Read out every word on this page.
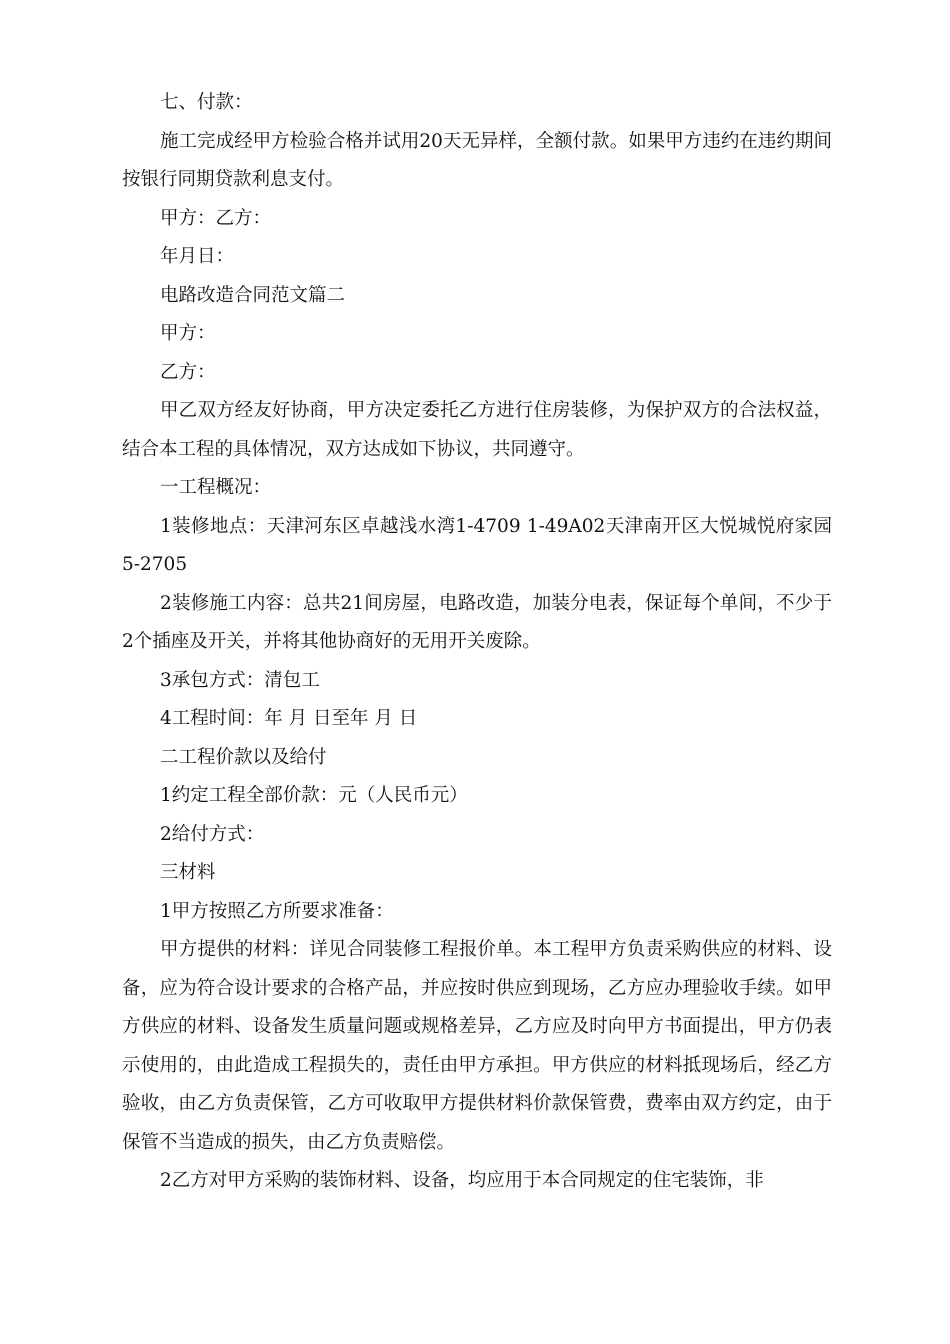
七、付款：

施工完成经甲方检验合格并试用20天无异样，全额付款。如果甲方违约在违约期间按银行同期贷款利息支付。

甲方：乙方：

年月日：

电路改造合同范文篇二

甲方：

乙方：

甲乙双方经友好协商，甲方决定委托乙方进行住房装修，为保护双方的合法权益，结合本工程的具体情况，双方达成如下协议，共同遵守。

一工程概况：

1装修地点：天津河东区卓越浅水湾1-4709 1-49A02天津南开区大悦城悦府家园5-2705

2装修施工内容：总共21间房屋，电路改造，加装分电表，保证每个单间，不少于2个插座及开关，并将其他协商好的无用开关废除。

3承包方式：清包工

4工程时间：年 月 日至年 月 日

二工程价款以及给付

1约定工程全部价款：元（人民币元）

2给付方式：

三材料

1甲方按照乙方所要求准备：

甲方提供的材料：详见合同装修工程报价单。本工程甲方负责采购供应的材料、设备，应为符合设计要求的合格产品，并应按时供应到现场，乙方应办理验收手续。如甲方供应的材料、设备发生质量问题或规格差异，乙方应及时向甲方书面提出，甲方仍表示使用的，由此造成工程损失的，责任由甲方承担。甲方供应的材料抵现场后，经乙方验收，由乙方负责保管，乙方可收取甲方提供材料价款保管费，费率由双方约定，由于保管不当造成的损失，由乙方负责赔偿。

2乙方对甲方采购的装饰材料、设备，均应用于本合同规定的住宅装饰，非
